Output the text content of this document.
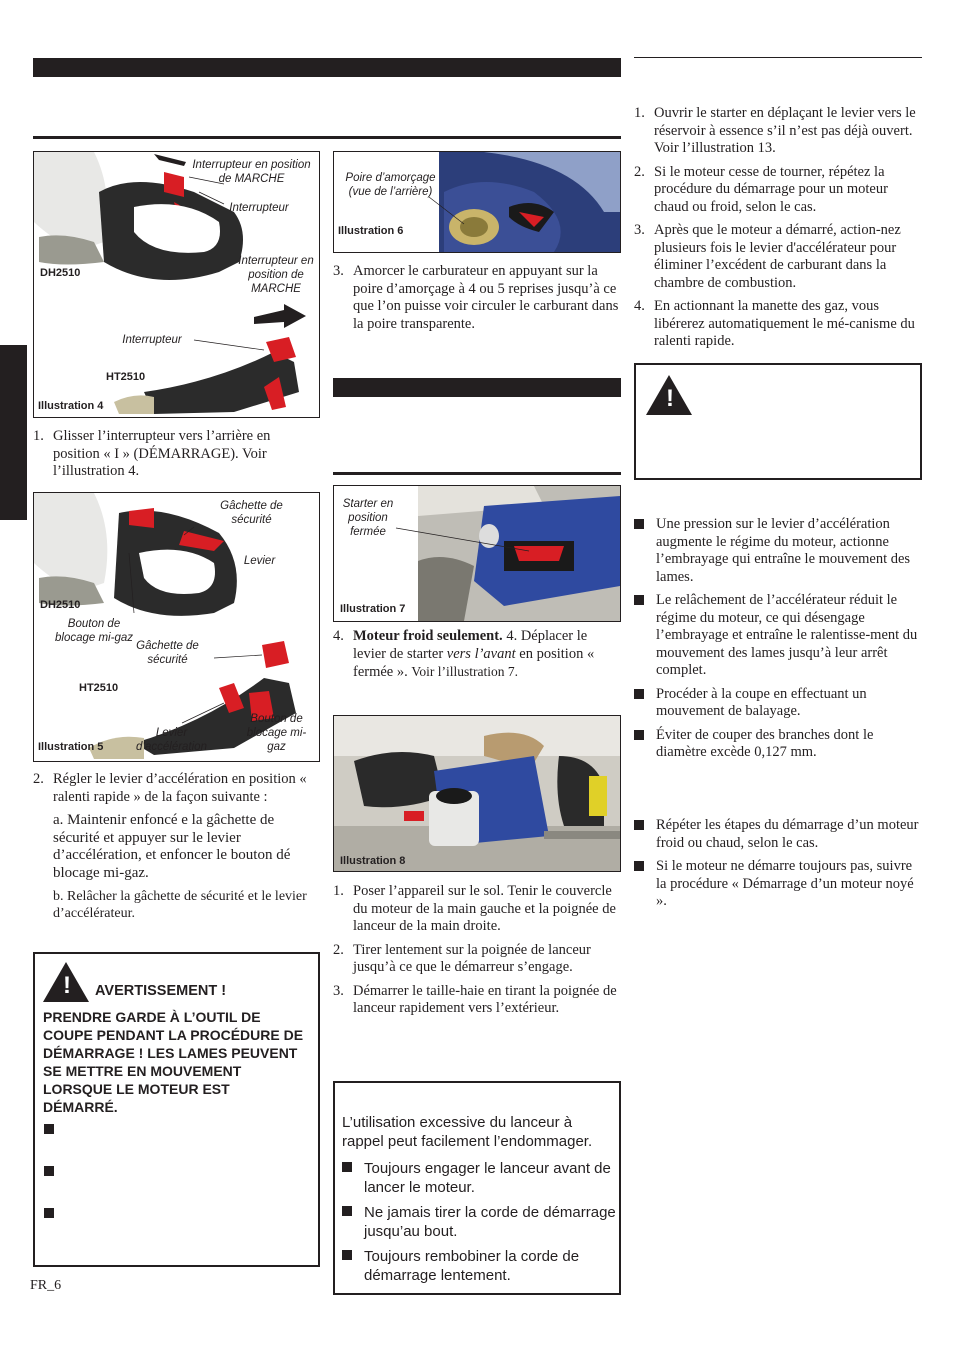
Interrupteur en position de MARCHE
Interrupteur
Interrupteur en position de MARCHE
Interrupteur
DH2510
HT2510
Illustration 4
1. Glisser l’interrupteur vers l’arrière en position « I » (DÉMARRAGE). Voir l’illustration 4.
Gâchette de sécurité
Levier
Bouton de blocage mi-gaz
Gâchette de sécurité
Levier d’accélération
Bouton de blocage mi-gaz
DH2510
HT2510
Illustration 5
2. Régler le levier d’accélération en position « ralenti rapide » de la façon suivante :
a. Maintenir enfoncé e la gâchette de sécurité et appuyer sur le levier d’accélération, et enfoncer le bouton dé blocage mi-gaz.
b. Relâcher la gâchette de sécurité et le levier d’accélérateur.
! AVERTISSEMENT !
PRENDRE GARDE À L’OUTIL DE COUPE PENDANT LA PROCÉDURE DE DÉMARRAGE ! LES LAMES PEUVENT SE METTRE EN MOUVEMENT LORSQUE LE MOTEUR EST DÉMARRÉ.
FR_6
Poire d’amorçage (vue de l’arrière)
Illustration 6
3. Amorcer le carburateur en appuyant sur la poire d’amorçage à 4 ou 5 reprises jusqu’à ce que l’on puisse voir circuler le carburant dans la poire transparente.
Starter en position fermée
Illustration 7
4. Moteur froid seulement. 4. Déplacer le levier de starter vers l’avant en position « fermée ». Voir l’illustration 7.
Illustration 8
1. Poser l’appareil sur le sol. Tenir le couvercle du moteur de la main gauche et la poignée de lanceur de la main droite.
2. Tirer lentement sur la poignée de lanceur jusqu’à ce que le démarreur s’engage.
3. Démarrer le taille-haie en tirant la poignée de lanceur rapidement vers l’extérieur.
L’utilisation excessive du lanceur à rappel peut facilement l’endommager.
Toujours engager le lanceur avant de lancer le moteur.
Ne jamais tirer la corde de démarrage jusqu’au bout.
Toujours rembobiner la corde de démarrage lentement.
1. Ouvrir le starter en déplaçant le levier vers le réservoir à essence s’il n’est pas déjà ouvert. Voir l’illustration 13.
2. Si le moteur cesse de tourner, répétez la procédure du démarrage pour un moteur chaud ou froid, selon le cas.
3. Après que le moteur a démarré, action-nez plusieurs fois le levier d'accélérateur pour éliminer l’excédent de carburant dans la chambre de combustion.
4. En actionnant la manette des gaz, vous libérerez automatiquement le mé-canisme du ralenti rapide.
!
Une pression sur le levier d’accélération augmente le régime du moteur, actionne l’embrayage qui entraîne le mouvement des lames.
Le relâchement de l’accélérateur réduit le régime du moteur, ce qui désengage l’embrayage et entraîne le ralentisse-ment du mouvement des lames jusqu’à leur arrêt complet.
Procéder à la coupe en effectuant un mouvement de balayage.
Éviter de couper des branches dont le diamètre excède 0,127 mm.
Répéter les étapes du démarrage d’un moteur froid ou chaud, selon le cas.
Si le moteur ne démarre toujours pas, suivre la procédure « Démarrage d’un moteur noyé ».
